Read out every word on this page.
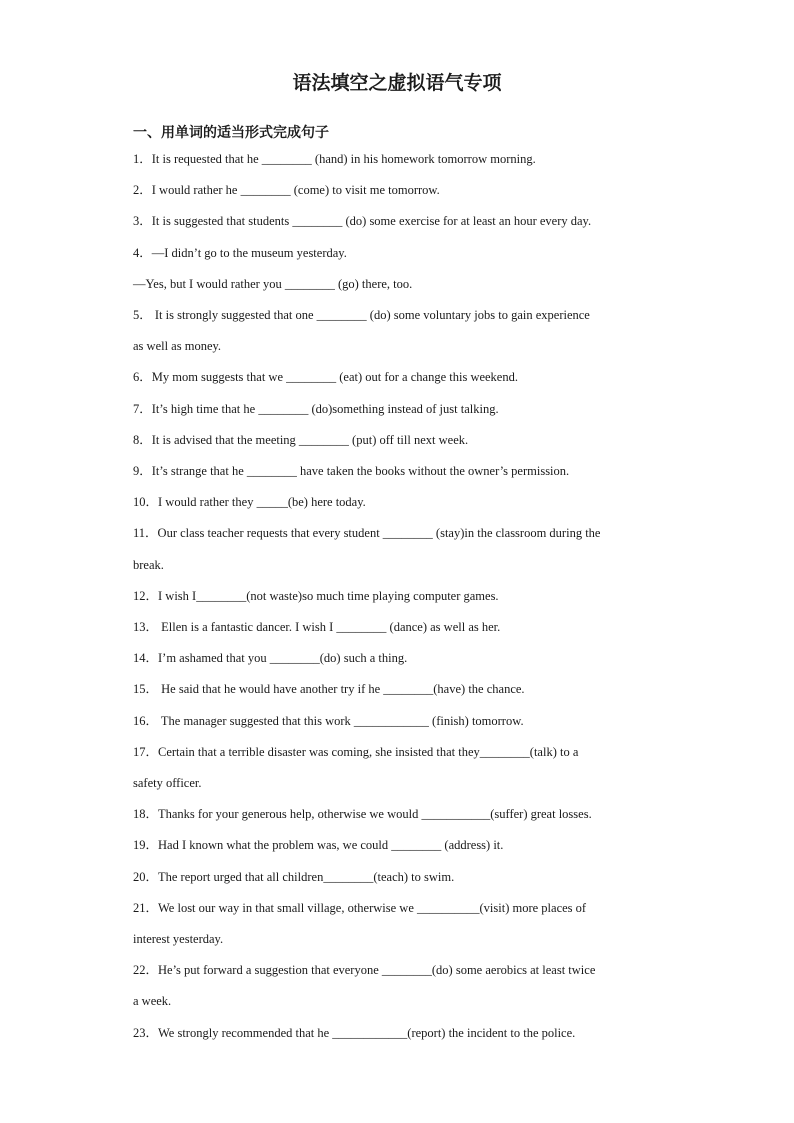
语法填空之虚拟语气专项
一、用单词的适当形式完成句子
1．It is requested that he ________ (hand) in his homework tomorrow morning.
2．I would rather he ________ (come) to visit me tomorrow.
3．It is suggested that students ________ (do) some exercise for at least an hour every day.
4．—I didn’t go to the museum yesterday.
—Yes, but I would rather you ________ (go) there, too.
5． It is strongly suggested that one ________ (do) some voluntary jobs to gain experience
as well as money.
6．My mom suggests that we ________ (eat) out for a change this weekend.
7．It’s high time that he ________ (do)something instead of just talking.
8．It is advised that the meeting ________ (put) off till next week.
9．It’s strange that he ________ have taken the books without the owner’s permission.
10．I would rather they _____(be) here today.
11．Our class teacher requests that every student ________ (stay)in the classroom during the
break.
12．I wish I________(not waste)so much time playing computer games.
13． Ellen is a fantastic dancer. I wish I ________ (dance) as well as her.
14．I’m ashamed that you ________(do) such a thing.
15． He said that he would have another try if he ________(have) the chance.
16． The manager suggested that this work ____________ (finish) tomorrow.
17．Certain that a terrible disaster was coming, she insisted that they________(talk) to a
safety officer.
18．Thanks for your generous help, otherwise we would ___________(suffer) great losses.
19．Had I known what the problem was, we could ________ (address) it.
20．The report urged that all children________(teach) to swim.
21．We lost our way in that small village, otherwise we __________(visit) more places of
interest yesterday.
22．He’s put forward a suggestion that everyone ________(do) some aerobics at least twice
a week.
23．We strongly recommended that he ____________(report) the incident to the police.
